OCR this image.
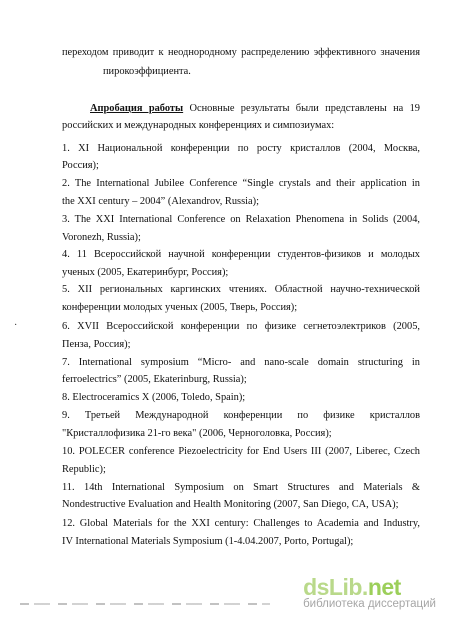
переходом приводит к неоднородному распределению эффективного значения
пирокоэффициента.
Апробация работы Основные результаты были представлены на 19
российских и международных конференциях и симпозиумах:
1. XI Национальной конференции по росту кристаллов (2004, Москва,
Россия);
2. The International Jubilee Conference “Single crystals and their application in
the XXI century – 2004” (Alexandrov, Russia);
3. The XXI International Conference on Relaxation Phenomena in Solids (2004,
Voronezh, Russia);
4. 11 Всероссийской научной конференции студентов-физиков и молодых
ученых (2005, Екатеринбург, Россия);
5. XII региональных каргинских чтениях. Областной научно-технической
конференции молодых ученых (2005, Тверь, Россия);
6. XVII Всероссийской конференции по физике сегнетоэлектриков (2005,
Пенза, Россия);
7. International symposium “Micro- and nano-scale domain structuring in
ferroelectrics” (2005, Ekaterinburg, Russia);
8. Electroceramics X (2006, Toledo, Spain);
9. Третьей Международной конференции по физике кристаллов
"Кристаллофизика 21-го века" (2006, Черноголовка, Россия);
10. POLECER conference Piezoelectricity for End Users III (2007, Liberec, Czech
Republic);
11. 14th International Symposium on Smart Structures and Materials &
Nondestructive Evaluation and Health Monitoring (2007, San Diego, CA, USA);
12. Global Materials for the XXI century: Challenges to Academia and Industry,
IV International Materials Symposium (1-4.04.2007, Porto, Portugal);
·
dsLib.net
библиотека диссертаций
